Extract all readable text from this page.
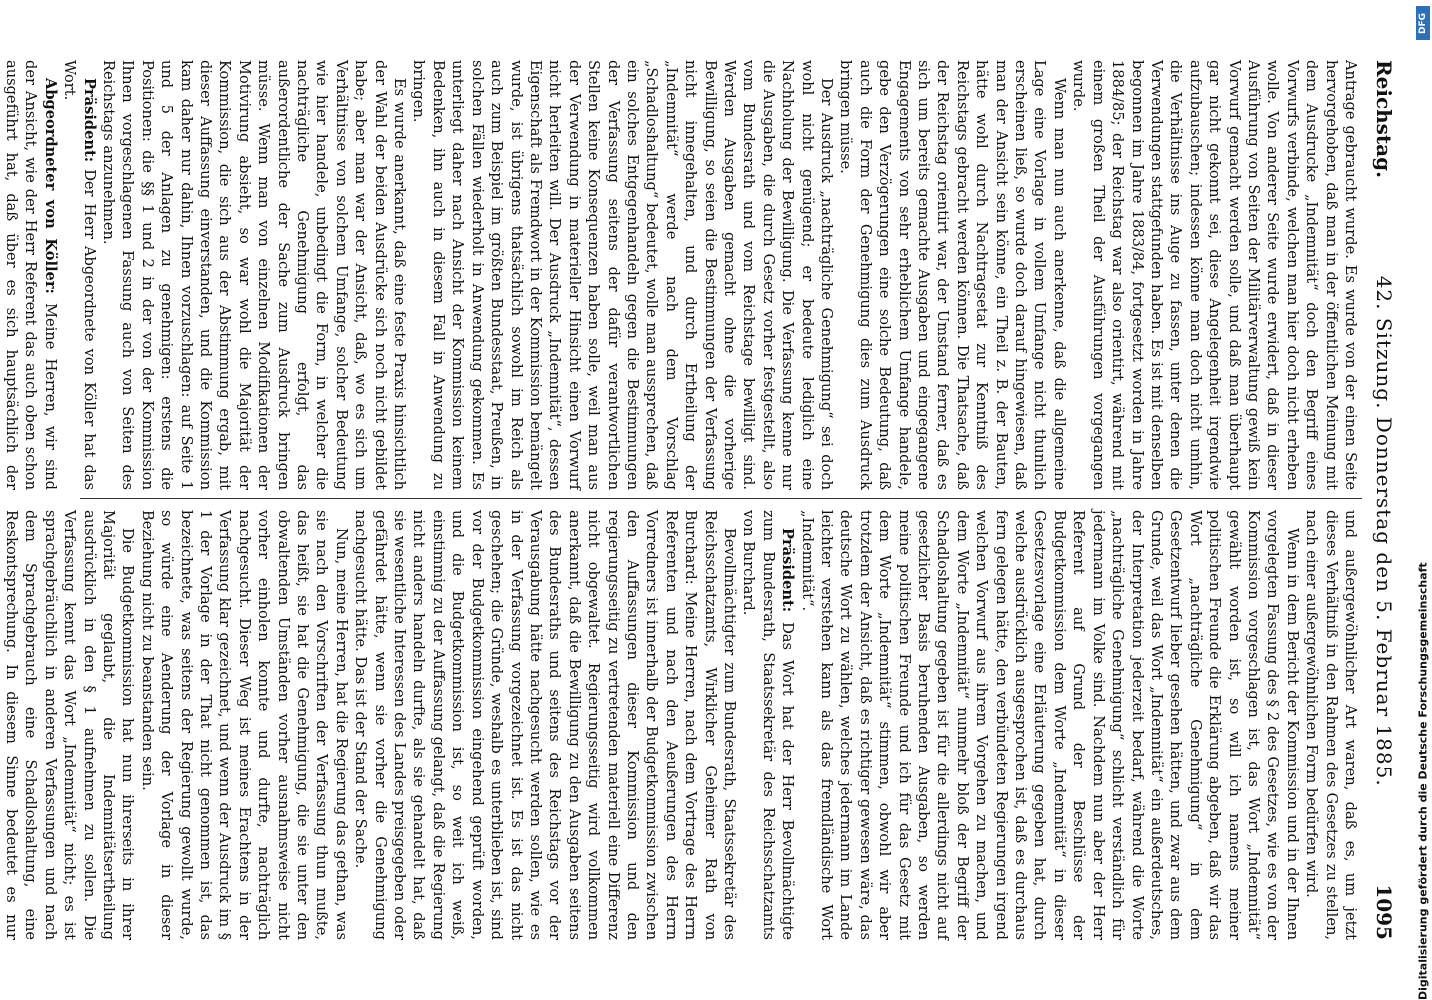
Reichstag.
42. Sitzung. Donnerstag den 5. Februar 1885.
1095

Antrage gebraucht wurde. Es wurde von der einen Seite hervorgehoben, daß man in der öffentlichen Meinung mit dem Ausdrucke „Indemnität“ doch den Begriff eines Vorwurfs verbinde, welchen man hier doch nicht erheben wolle. Von anderer Seite wurde erwidert, daß in dieser Ausführung von Seiten der Militärverwaltung gewiß kein Vorwurf gemacht werden solle, und daß man überhaupt gar nicht gekonnt sei, diese Angelegenheit irgendwie aufzubauschen; indessen könne man doch nicht umhin, die Verhältnisse ins Auge zu fassen, unter denen die Verwendungen stattgefunden haben. Es ist mit denselben begonnen im Jahre 1883/84, fortgesetzt worden in Jahre 1884/85; der Reichstag war also orientirt, während mit einem großen Theil der Ausführungen vorgegangen wurde.

Wenn man nun auch anerkenne, daß die allgemeine Lage eine Vorlage in vollem Umfange nicht thunlich erscheinen ließ, so wurde doch darauf hingewiesen, daß man der Ansicht sein könne, ein Theil z. B. der Bauten, hätte wohl durch Nachtragsetat zur Kenntniß des Reichstags gebracht werden können. Die Thatsache, daß der Reichstag orientirt war, der Umstand ferner, daß es sich um bereits gemachte Ausgaben und eingegangene Engagements von sehr erheblichem Umfange handele, gebe den Verzögerungen eine solche Bedeutung, daß auch die Form der Genehmigung dies zum Ausdruck bringen müsse.

Der Ausdruck „nachträgliche Genehmigung“ sei doch wohl nicht genügend; er bedeute lediglich eine Nachholung der Bewilligung. Die Verfassung kenne nur die Ausgaben, die durch Gesetz vorher festgestellt, also vom Bundesrath und vom Reichstage bewilligt sind. Werden Ausgaben gemacht ohne die vorherige Bewilligung, so seien die Bestimmungen der Verfassung nicht innegehalten, und durch Ertheilung der „Indemnität“ werde nach dem Vorschlag „Schadloshaltung“ bedeutet, wolle man aussprechen, daß ein solches Entgegenhandeln gegen die Bestimmungen der Verfassung seitens der dafür verantwortlichen Stellen keine Konsequenzen haben solle, weil man aus der Verwendung in materieller Hinsicht einen Vorwurf nicht herleiten will. Der Ausdruck „Indemnität“, dessen Eigenschaft als Fremdwort in der Kommission bemängelt wurde, ist übrigens thatsächlich sowohl im Reich als auch zum Beispiel im größten Bundesstaat, Preußen, in solchen Fällen wiederholt in Anwendung gekommen. Es unterliegt daher nach Ansicht der Kommission keinem Bedenken, ihn auch in diesem Fall in Anwendung zu bringen.

Es wurde anerkannt, daß eine feste Praxis hinsichtlich der Wahl der beiden Ausdrücke sich noch nicht gebildet habe; aber man war der Ansicht, daß, wo es sich um Verhältnisse von solchem Umfange, solcher Bedeutung wie hier handele, unbedingt die Form, in welcher die nachträgliche Genehmigung erfolgt, das außerordentliche der Sache zum Ausdruck bringen müsse. Wenn man von einzelnen Modifikationen der Motivirung absieht, so war wohl die Majorität der Kommission, die sich aus der Abstimmung ergab, mit dieser Auffassung einverstanden, und die Kommission kam daher nur dahin, Ihnen vorzuschlagen: auf Seite 1 und 5 der Anlagen zu genehmigen: erstens die Positionen: die §§ 1 und 2 in der von der Kommission Ihnen vorgeschlagenen Fassung auch von Seiten des Reichstags anzunehmen.

Präsident: Der Herr Abgeordnete von Köller hat das Wort.

Abgeordneter von Köller: Meine Herren, wir sind der Ansicht, wie der Herr Referent das auch oben schon ausgeführt hat, daß über es sich hauptsächlich der

und außergewöhnlicher Art waren, daß es, um jetzt dieses Verhältniß in den Rahmen des Gesetzes zu stellen, nach einer außergewöhnlichen Form bedürfen wird.

Wenn in dem Bericht der Kommission und in der Ihnen vorgelegten Fassung des § 2 des Gesetzes, wie es von der Kommission vorgeschlagen ist, das Wort „Indemnität“ gewählt worden ist, so will ich namens meiner politischen Freunde die Erklärung abgeben, daß wir das Wort „nachträgliche Genehmigung“ in dem Gesetzentwurf lieber gesehen hätten, und zwar aus dem Grunde, weil das Wort „Indemnität“ ein außerdeutsches, der Interpretation jederzeit bedarf, während die Worte „nachträgliche Genehmigung“ schlicht verständlich für jedermann im Volke sind. Nachdem nun aber der Herr Referent auf Grund der Beschlüsse der Budgetkommission dem Worte „Indemnität“ in dieser Gesetzesvorlage eine Erläuterung gegeben hat, durch welche ausdrücklich ausgesprochen ist, daß es durchaus fern gelegen hätte, den verbündeten Regierungen irgend welchen Vorwurf aus ihrem Vorgehen zu machen, und dem Worte „Indemnität“ nunmehr bloß der Begriff der Schadloshaltung gegeben ist für die allerdings nicht auf gesetzlicher Basis beruhenden Ausgaben, so werden meine politischen Freunde und ich für das Gesetz mit dem Worte „Indemnität“ stimmen, obwohl wir aber trotzdem der Ansicht, daß es richtiger gewesen wäre, das deutsche Wort zu wählen, welches jedermann im Lande leichter verstehen kann als das fremdländische Wort „Indemnität“.

Präsident: Das Wort hat der Herr Bevollmächtigte zum Bundesrath, Staatssekretär des Reichsschatzamts von Burchard.

Bevollmächtigter zum Bundesrath, Staatssekretär des Reichsschatzamts, Wirklicher Geheimer Rath von Burchard: Meine Herren, nach dem Vortrage des Herrn Referenten und nach den Aeußerungen des Herrn Vorredners ist innerhalb der Budgetkommission zwischen den Auffassungen dieser Kommission und den regierungsseitig zu vertretenden materiell eine Differenz nicht obgewaltet. Regierungsseitig wird vollkommen anerkannt, daß die Bewilligung zu den Ausgaben seitens des Bundesraths und seitens des Reichstags vor der Verausgabung hätte nachgesucht werden sollen, wie es in der Verfassung vorgezeichnet ist. Es ist das nicht geschehen; die Gründe, weshalb es unterblieben ist, sind vor der Budgetkommission eingehend geprüft worden, und die Budgetkommission ist, so weit ich weiß, einstimmig zu der Auffassung gelangt, daß die Regierung nicht anders handeln durfte, als sie gehandelt hat, daß sie wesentliche Interessen des Landes preisgegeben oder gefährdet hätte, wenn sie vorher die Genehmigung nachgesucht hätte. Das ist der Stand der Sache.

Nun, meine Herren, hat die Regierung das gethan, was sie nach den Vorschriften der Verfassung thun mußte, das heißt, sie hat die Genehmigung, die sie unter den obwaltenden Umständen vorher ausnahmsweise nicht vorher einholen konnte und durfte, nachträglich nachgesucht. Dieser Weg ist meines Erachtens in der Verfassung klar gezeichnet, und wenn der Ausdruck im § 1 der Vorlage in der That nicht genommen ist, das bezeichnete, was seitens der Regierung gewollt wurde, so würde eine Aenderung der Vorlage in dieser Beziehung nicht zu beanstanden sein.

Die Budgetkommission hat nun ihrerseits in ihrer Majorität geglaubt, die Indemnitätsertheilung ausdrücklich in den § 1 aufnehmen zu sollen. Die Verfassung kennt das Wort „Indemnität“ nicht; es ist sprachgebräuchlich in anderen Verfassungen und nach dem Sprachgebrauch eine Schadloshaltung, eine Reskontsprechung. In diesem Sinne bedeutet es nur	Digitalisierung gefördert durch die Deutsche Forschungsgemeinschaft
DFG
